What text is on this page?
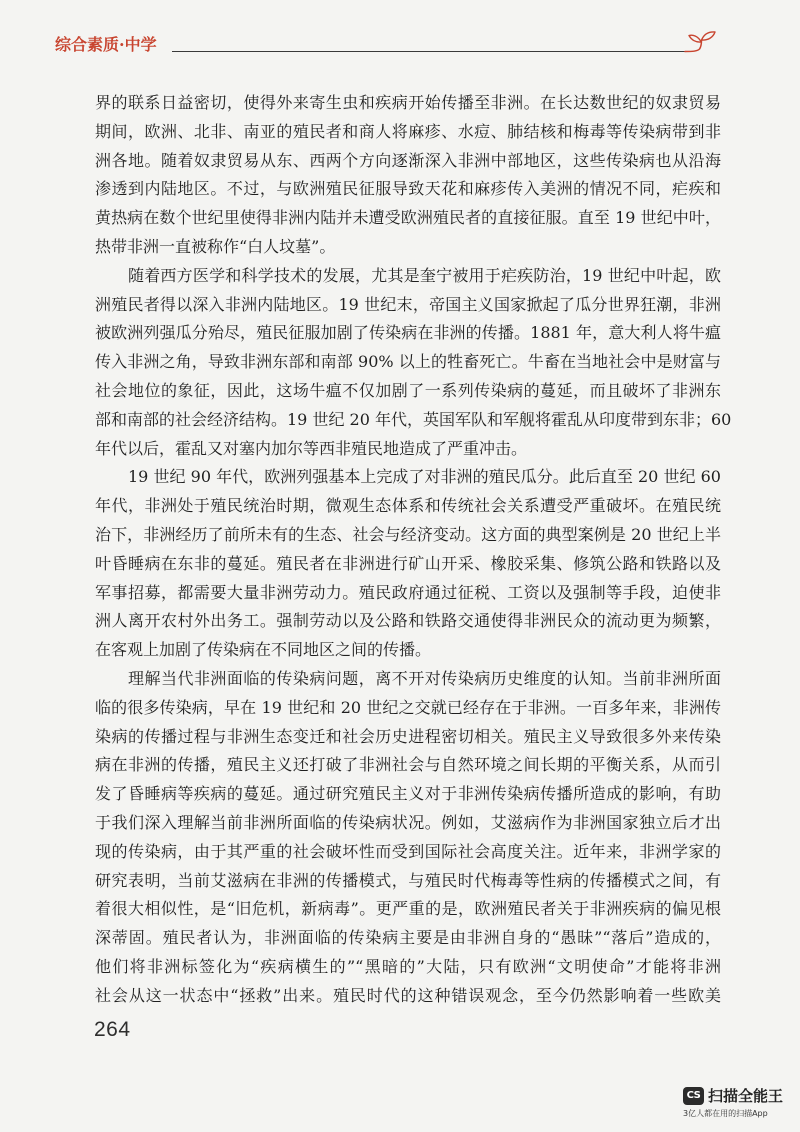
综合素质·中学
界的联系日益密切，使得外来寄生虫和疾病开始传播至非洲。在长达数世纪的奴隶贸易
期间，欧洲、北非、南亚的殖民者和商人将麻疹、水痘、肺结核和梅毒等传染病带到非
洲各地。随着奴隶贸易从东、西两个方向逐渐深入非洲中部地区，这些传染病也从沿海
渗透到内陆地区。不过，与欧洲殖民征服导致天花和麻疹传入美洲的情况不同，疟疾和
黄热病在数个世纪里使得非洲内陆并未遭受欧洲殖民者的直接征服。直至 19 世纪中叶，
热带非洲一直被称作“白人坟墓”。
随着西方医学和科学技术的发展，尤其是奎宁被用于疟疾防治，19 世纪中叶起，欧
洲殖民者得以深入非洲内陆地区。19 世纪末，帝国主义国家掀起了瓜分世界狂潮，非洲
被欧洲列强瓜分殆尽，殖民征服加剧了传染病在非洲的传播。1881 年，意大利人将牛瘟
传入非洲之角，导致非洲东部和南部 90% 以上的牲畜死亡。牛畜在当地社会中是财富与
社会地位的象征，因此，这场牛瘟不仅加剧了一系列传染病的蔓延，而且破坏了非洲东
部和南部的社会经济结构。19 世纪 20 年代，英国军队和军舰将霍乱从印度带到东非；60
年代以后，霍乱又对塞内加尔等西非殖民地造成了严重冲击。
19 世纪 90 年代，欧洲列强基本上完成了对非洲的殖民瓜分。此后直至 20 世纪 60
年代，非洲处于殖民统治时期，微观生态体系和传统社会关系遭受严重破坏。在殖民统
治下，非洲经历了前所未有的生态、社会与经济变动。这方面的典型案例是 20 世纪上半
叶昏睡病在东非的蔓延。殖民者在非洲进行矿山开采、橡胶采集、修筑公路和铁路以及
军事招募，都需要大量非洲劳动力。殖民政府通过征税、工资以及强制等手段，迫使非
洲人离开农村外出务工。强制劳动以及公路和铁路交通使得非洲民众的流动更为频繁，
在客观上加剧了传染病在不同地区之间的传播。
理解当代非洲面临的传染病问题，离不开对传染病历史维度的认知。当前非洲所面
临的很多传染病，早在 19 世纪和 20 世纪之交就已经存在于非洲。一百多年来，非洲传
染病的传播过程与非洲生态变迁和社会历史进程密切相关。殖民主义导致很多外来传染
病在非洲的传播，殖民主义还打破了非洲社会与自然环境之间长期的平衡关系，从而引
发了昏睡病等疾病的蔓延。通过研究殖民主义对于非洲传染病传播所造成的影响，有助
于我们深入理解当前非洲所面临的传染病状况。例如，艾滋病作为非洲国家独立后才出
现的传染病，由于其严重的社会破坏性而受到国际社会高度关注。近年来，非洲学家的
研究表明，当前艾滋病在非洲的传播模式，与殖民时代梅毒等性病的传播模式之间，有
着很大相似性，是“旧危机，新病毒”。更严重的是，欧洲殖民者关于非洲疾病的偏见根
深蒂固。殖民者认为，非洲面临的传染病主要是由非洲自身的“愚昧”“落后”造成的，
他们将非洲标签化为“疾病横生的”“黑暗的”大陆，只有欧洲“文明使命”才能将非洲
社会从这一状态中“拯救”出来。殖民时代的这种错误观念，至今仍然影响着一些欧美
264
CS 扫描全能王
3亿人都在用的扫描App
